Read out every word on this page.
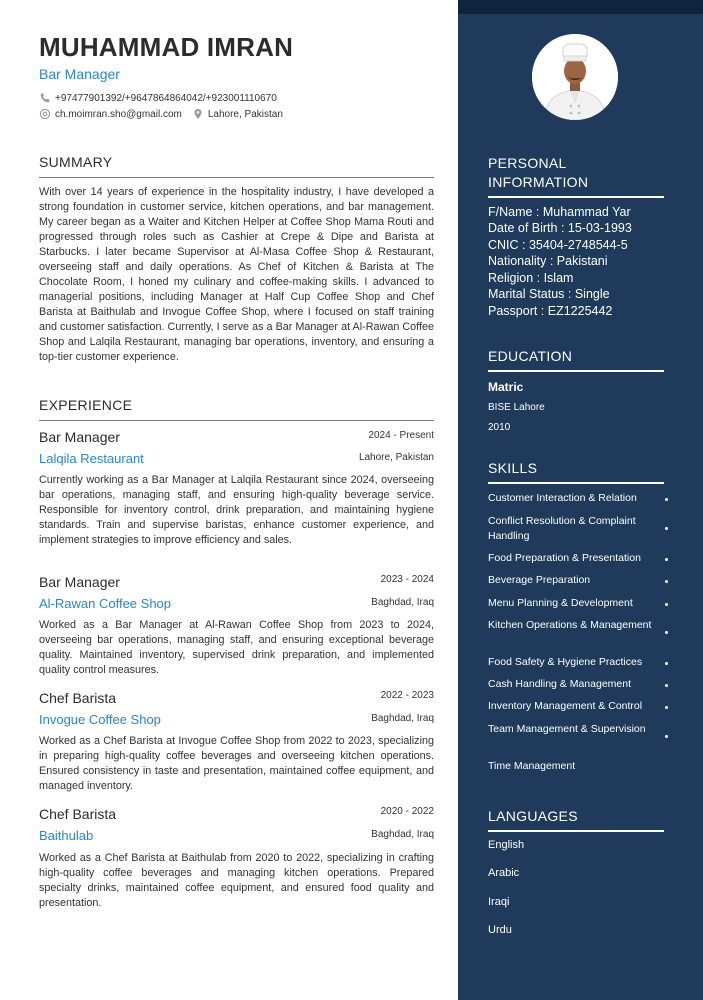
MUHAMMAD IMRAN
Bar Manager
+97477901392/+9647864864042/+923001110670
ch.moimran.sho@gmail.com	Lahore, Pakistan
SUMMARY
With over 14 years of experience in the hospitality industry, I have developed a strong foundation in customer service, kitchen operations, and bar management. My career began as a Waiter and Kitchen Helper at Coffee Shop Mama Routi and progressed through roles such as Cashier at Crepe & Dipe and Barista at Starbucks. I later became Supervisor at Al-Masa Coffee Shop & Restaurant, overseeing staff and daily operations. As Chef of Kitchen & Barista at The Chocolate Room, I honed my culinary and coffee-making skills. I advanced to managerial positions, including Manager at Half Cup Coffee Shop and Chef Barista at Baithulab and Invogue Coffee Shop, where I focused on staff training and customer satisfaction. Currently, I serve as a Bar Manager at Al-Rawan Coffee Shop and Lalqila Restaurant, managing bar operations, inventory, and ensuring a top-tier customer experience.
EXPERIENCE
Bar Manager	2024 - Present
Lalqila Restaurant	Lahore, Pakistan
Currently working as a Bar Manager at Lalqila Restaurant since 2024, overseeing bar operations, managing staff, and ensuring high-quality beverage service. Responsible for inventory control, drink preparation, and maintaining hygiene standards. Train and supervise baristas, enhance customer experience, and implement strategies to improve efficiency and sales.
Bar Manager	2023 - 2024
Al-Rawan Coffee Shop	Baghdad, Iraq
Worked as a Bar Manager at Al-Rawan Coffee Shop from 2023 to 2024, overseeing bar operations, managing staff, and ensuring exceptional beverage quality. Maintained inventory, supervised drink preparation, and implemented quality control measures.
Chef Barista	2022 - 2023
Invogue Coffee Shop	Baghdad, Iraq
Worked as a Chef Barista at Invogue Coffee Shop from 2022 to 2023, specializing in preparing high-quality coffee beverages and overseeing kitchen operations. Ensured consistency in taste and presentation, maintained coffee equipment, and managed inventory.
Chef Barista	2020 - 2022
Baithulab	Baghdad, Iraq
Worked as a Chef Barista at Baithulab from 2020 to 2022, specializing in crafting high-quality coffee beverages and managing kitchen operations. Prepared specialty drinks, maintained coffee equipment, and ensured food quality and presentation.
PERSONAL
INFORMATION
F/Name : Muhammad Yar
Date of Birth : 15-03-1993
CNIC : 35404-2748544-5
Nationality : Pakistani
Religion : Islam
Marital Status : Single
Passport : EZ1225442
EDUCATION
Matric
BISE Lahore
2010
SKILLS
Customer Interaction & Relation
Conflict Resolution & Complaint Handling
Food Preparation & Presentation
Beverage Preparation
Menu Planning & Development
Kitchen Operations & Management
Food Safety & Hygiene Practices
Cash Handling & Management
Inventory Management & Control
Team Management & Supervision
Time Management
LANGUAGES
English
Arabic
Iraqi
Urdu
